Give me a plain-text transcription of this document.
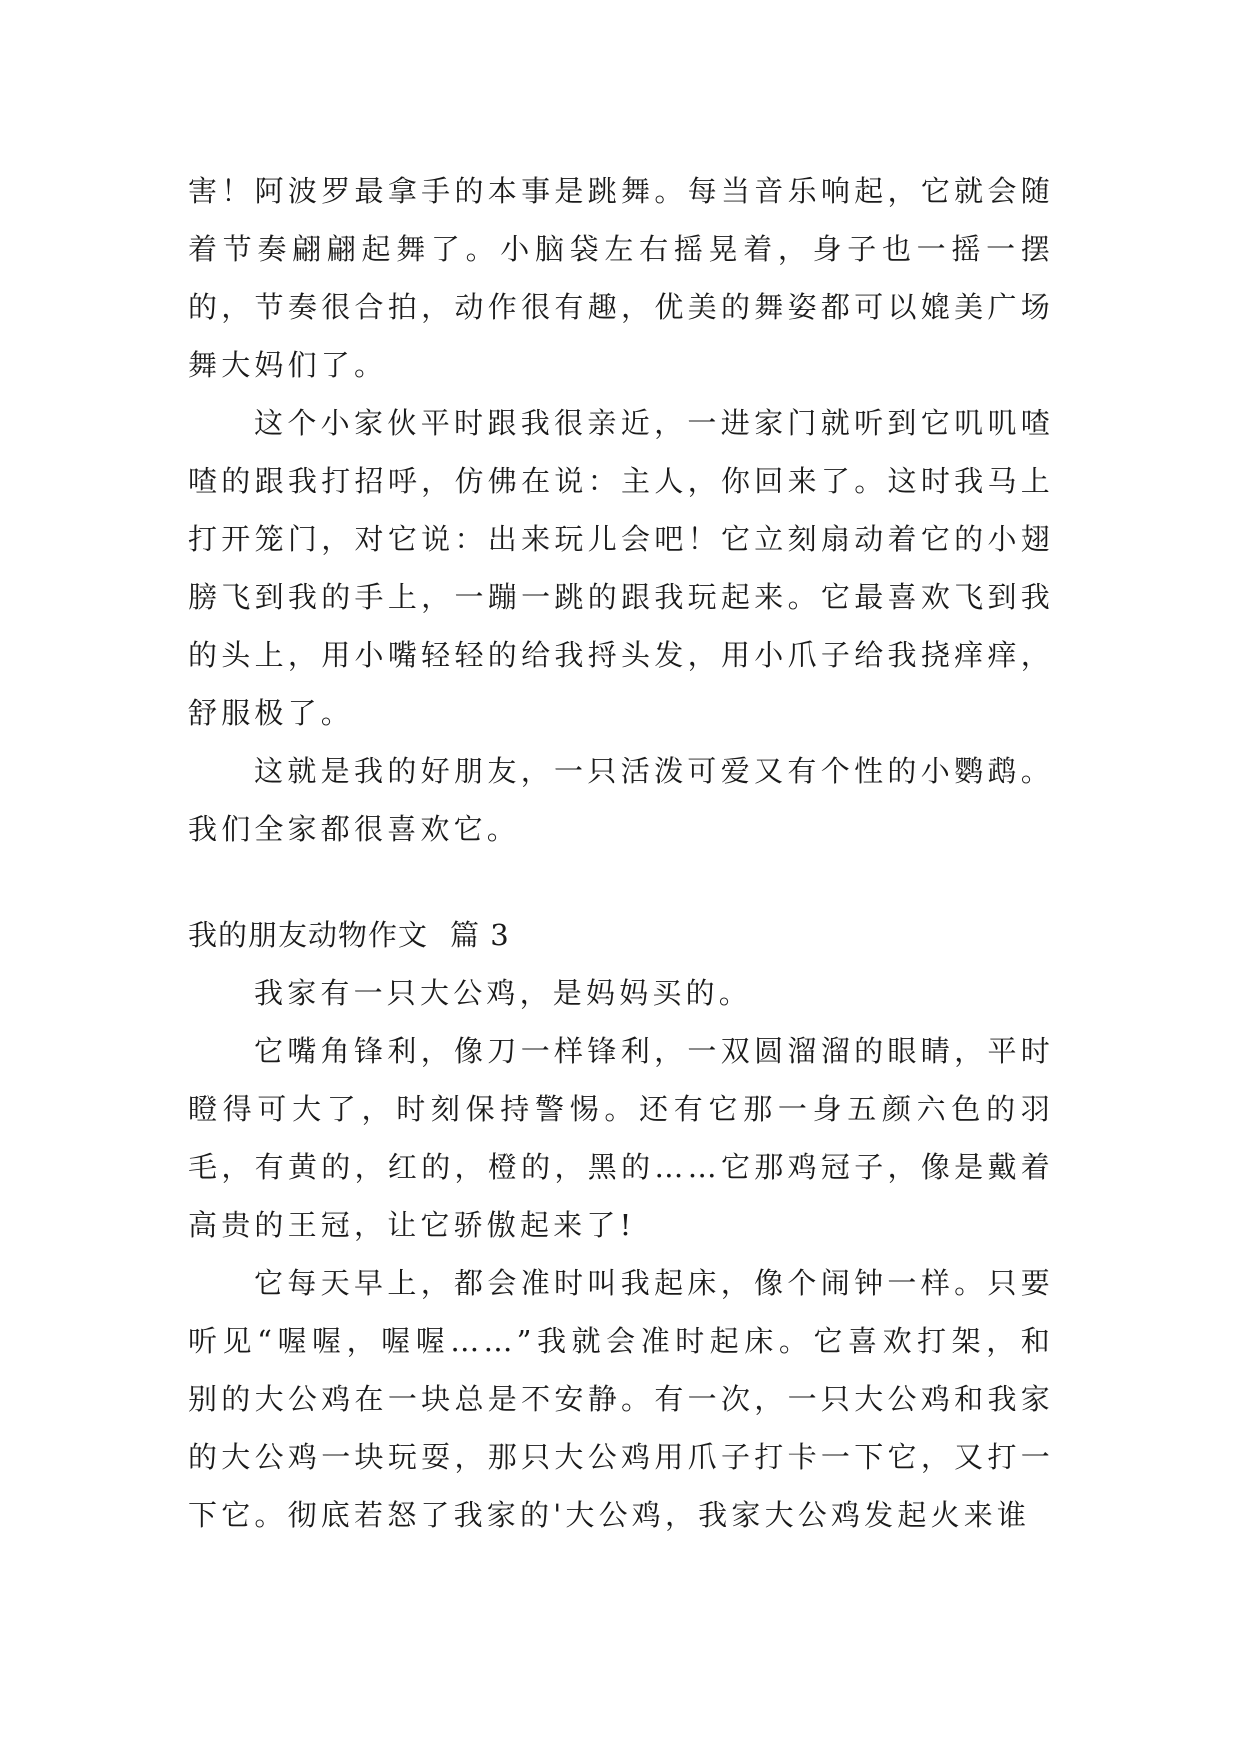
害！阿波罗最拿手的本事是跳舞。每当音乐响起，它就会随着节奏翩翩起舞了。小脑袋左右摇晃着，身子也一摇一摆的，节奏很合拍，动作很有趣，优美的舞姿都可以媲美广场舞大妈们了。

这个小家伙平时跟我很亲近，一进家门就听到它叽叽喳喳的跟我打招呼，仿佛在说：主人，你回来了。这时我马上打开笼门，对它说：出来玩儿会吧！它立刻扇动着它的小翅膀飞到我的手上，一蹦一跳的跟我玩起来。它最喜欢飞到我的头上，用小嘴轻轻的给我捋头发，用小爪子给我挠痒痒，舒服极了。

这就是我的好朋友，一只活泼可爱又有个性的小鹦鹉。我们全家都很喜欢它。

我的朋友动物作文 篇 3

我家有一只大公鸡，是妈妈买的。

它嘴角锋利，像刀一样锋利，一双圆溜溜的眼睛，平时瞪得可大了，时刻保持警惕。还有它那一身五颜六色的羽毛，有黄的，红的，橙的，黑的……它那鸡冠子，像是戴着高贵的王冠，让它骄傲起来了!

它每天早上，都会准时叫我起床，像个闹钟一样。只要听见“喔喔，喔喔……”我就会准时起床。它喜欢打架，和别的大公鸡在一块总是不安静。有一次，一只大公鸡和我家的大公鸡一块玩耍，那只大公鸡用爪子打卡一下它，又打一下它。彻底若怒了我家的'大公鸡，我家大公鸡发起火来谁
